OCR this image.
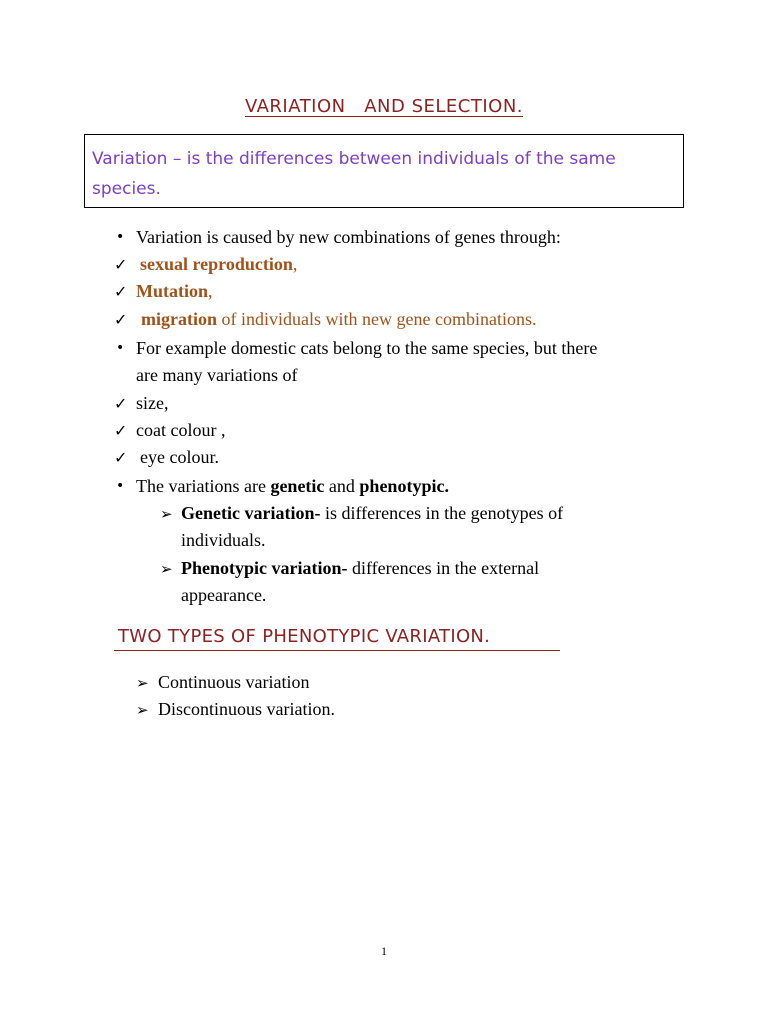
VARIATION   AND SELECTION.
Variation – is the differences between individuals of the same species.
• Variation is caused by new combinations of genes through:
✓ sexual reproduction,
✓ Mutation,
✓ migration of individuals with new gene combinations.
• For example domestic cats belong to the same species, but there
are many variations of
✓ size,
✓ coat colour ,
✓ eye colour.
• The variations are genetic and phenotypic.
➢ Genetic variation- is differences in the genotypes of
individuals.
➢ Phenotypic variation- differences in the external
appearance.
TWO TYPES OF PHENOTYPIC VARIATION.
➢ Continuous variation
➢ Discontinuous variation.
1
